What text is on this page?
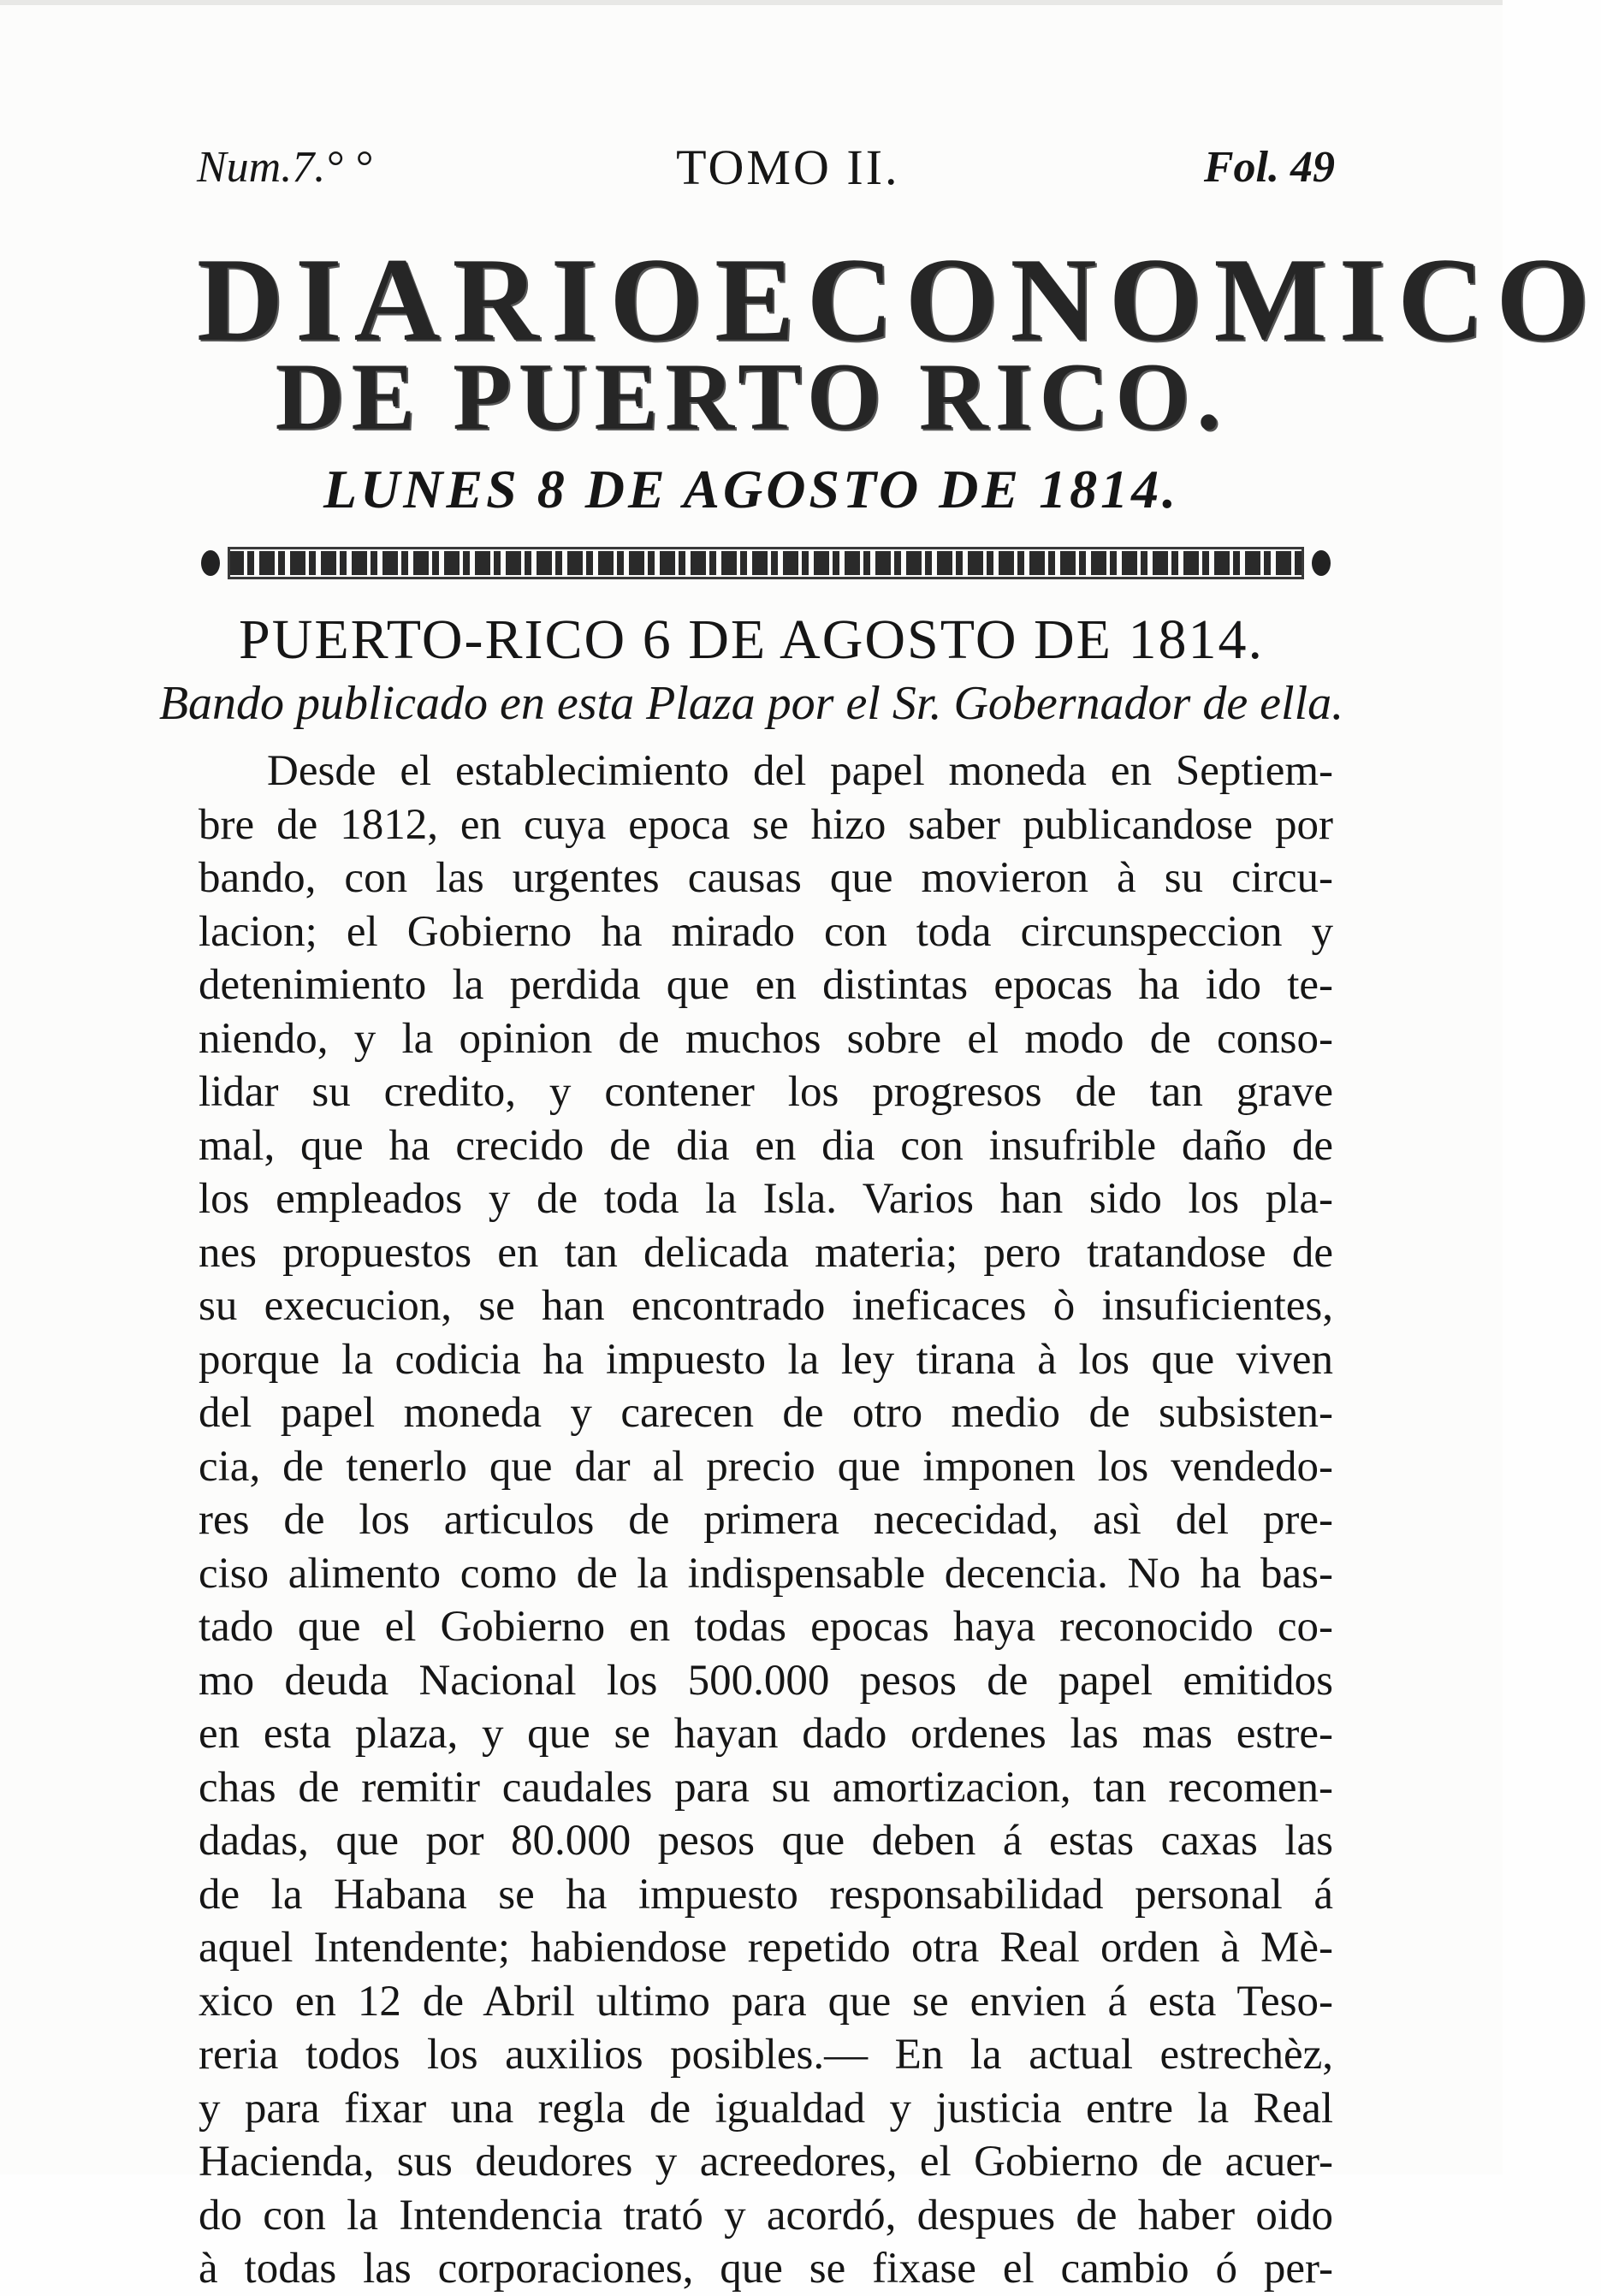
Num.7.° °	TOMO II.	Fol. 49
DIARIO ECONOMICO
DE PUERTO RICO.
LUNES 8 DE AGOSTO DE 1814.
PUERTO-RICO 6 DE AGOSTO DE 1814.
Bando publicado en esta Plaza por el Sr. Gobernador de ella.
Desde el establecimiento del papel moneda en Septiem-
bre de 1812, en cuya epoca se hizo saber publicandose por
bando, con las urgentes causas que movieron à su circu-
lacion; el Gobierno ha mirado con toda circunspeccion y
detenimiento la perdida que en distintas epocas ha ido te-
niendo, y la opinion de muchos sobre el modo de conso-
lidar su credito, y contener los progresos de tan grave
mal, que ha crecido de dia en dia con insufrible daño de
los empleados y de toda la Isla. Varios han sido los pla-
nes propuestos en tan delicada materia; pero tratandose de
su execucion, se han encontrado ineficaces ò insuficientes,
porque la codicia ha impuesto la ley tirana à los que viven
del papel moneda y carecen de otro medio de subsisten-
cia, de tenerlo que dar al precio que imponen los vendedo-
res de los articulos de primera nececidad, asì del pre-
ciso alimento como de la indispensable decencia. No ha bas-
tado que el Gobierno en todas epocas haya reconocido co-
mo deuda Nacional los 500.000 pesos de papel emitidos
en esta plaza, y que se hayan dado ordenes las mas estre-
chas de remitir caudales para su amortizacion, tan recomen-
dadas, que por 80.000 pesos que deben á estas caxas las
de la Habana se ha impuesto responsabilidad personal á
aquel Intendente; habiendose repetido otra Real orden à Mè-
xico en 12 de Abril ultimo para que se envien á esta Teso-
reria todos los auxilios posibles.— En la actual estrechèz,
y para fixar una regla de igualdad y justicia entre la Real
Hacienda, sus deudores y acreedores, el Gobierno de acuer-
do con la Intendencia trató y acordó, despues de haber oido
à todas las corporaciones, que se fixase el cambio ó per-
